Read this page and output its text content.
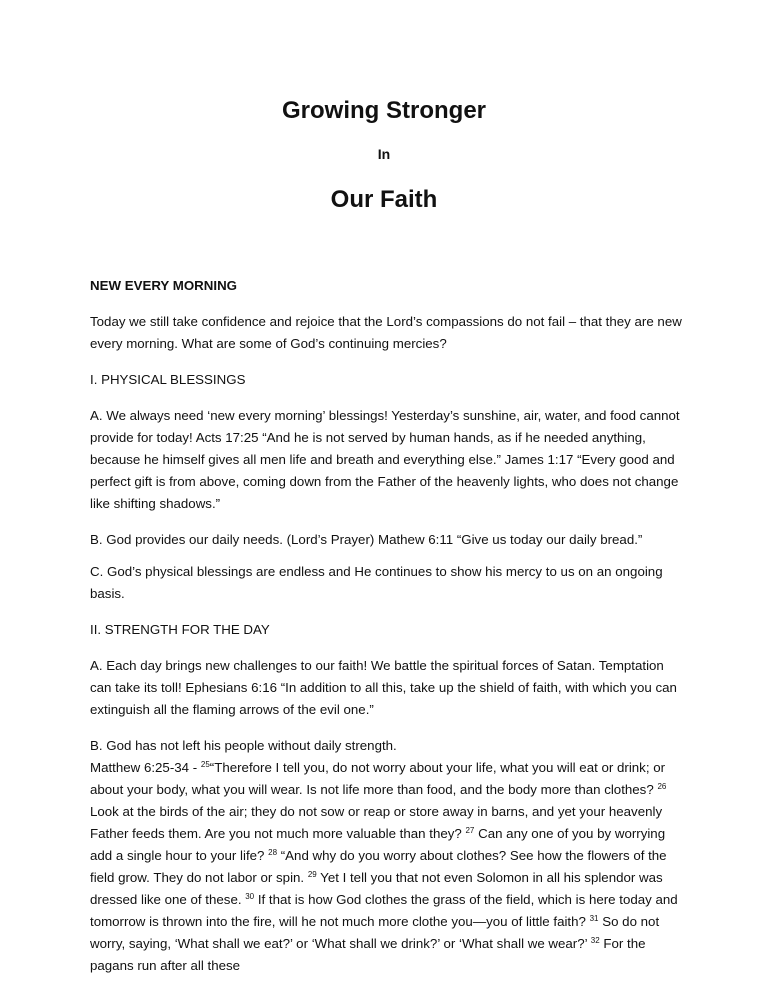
Growing Stronger
In
Our Faith

NEW EVERY MORNING

Today we still take confidence and rejoice that the Lord’s compassions do not fail – that they are new every morning. What are some of God’s continuing mercies?

I. PHYSICAL BLESSINGS

A. We always need ‘new every morning’ blessings! Yesterday’s sunshine, air, water, and food cannot provide for today! Acts 17:25 “And he is not served by human hands, as if he needed anything, because he himself gives all men life and breath and everything else.” James 1:17 “Every good and perfect gift is from above, coming down from the Father of the heavenly lights, who does not change like shifting shadows.”

B. God provides our daily needs. (Lord’s Prayer) Mathew 6:11 “Give us today our daily bread.”

C. God’s physical blessings are endless and He continues to show his mercy to us on an ongoing basis.

II. STRENGTH FOR THE DAY

A. Each day brings new challenges to our faith! We battle the spiritual forces of Satan. Temptation can take its toll! Ephesians 6:16 “In addition to all this, take up the shield of faith, with which you can extinguish all the flaming arrows of the evil one.”

B. God has not left his people without daily strength.
Matthew 6:25-34 - $^{25}$“Therefore I tell you, do not worry about your life, what you will eat or drink; or about your body, what you will wear. Is not life more than food, and the body more than clothes? $^{26}$ Look at the birds of the air; they do not sow or reap or store away in barns, and yet your heavenly Father feeds them. Are you not much more valuable than they? $^{27}$ Can any one of you by worrying add a single hour to your life? $^{28}$ “And why do you worry about clothes? See how the flowers of the field grow. They do not labor or spin. $^{29}$ Yet I tell you that not even Solomon in all his splendor was dressed like one of these. $^{30}$ If that is how God clothes the grass of the field, which is here today and tomorrow is thrown into the fire, will he not much more clothe you—you of little faith? $^{31}$ So do not worry, saying, ‘What shall we eat?’ or ‘What shall we drink?’ or ‘What shall we wear?’ $^{32}$ For the pagans run after all these
